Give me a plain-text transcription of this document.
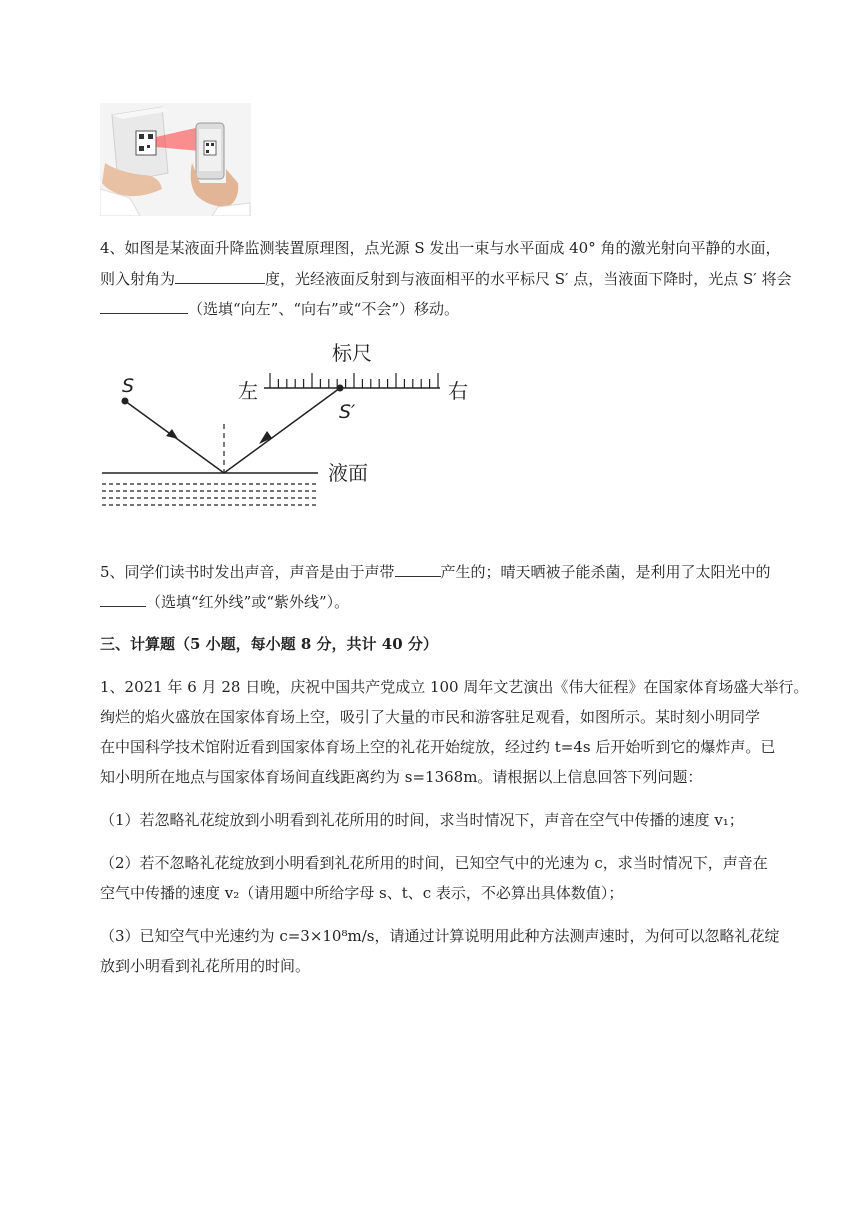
4、如图是某液面升降监测装置原理图，点光源 S 发出一束与水平面成 40° 角的激光射向平静的水面，
则入射角为	度，光经液面反射到与液面相平的水平标尺 S′ 点，当液面下降时，光点 S′ 将会
（选填“向左”、“向右”或“不会”）移动。
标尺
左	右
S
S′
液面
5、同学们读书时发出声音，声音是由于声带	产生的；晴天晒被子能杀菌，是利用了太阳光中的
（选填“红外线”或“紫外线”）。
三、计算题（5 小题，每小题 8 分，共计 40 分）
1、2021 年 6 月 28 日晚，庆祝中国共产党成立 100 周年文艺演出《伟大征程》在国家体育场盛大举行。
绚烂的焰火盛放在国家体育场上空，吸引了大量的市民和游客驻足观看，如图所示。某时刻小明同学
在中国科学技术馆附近看到国家体育场上空的礼花开始绽放，经过约 t=4s 后开始听到它的爆炸声。已
知小明所在地点与国家体育场间直线距离约为 s=1368m。请根据以上信息回答下列问题：
（1）若忽略礼花绽放到小明看到礼花所用的时间，求当时情况下，声音在空气中传播的速度 v₁；
（2）若不忽略礼花绽放到小明看到礼花所用的时间，已知空气中的光速为 c，求当时情况下，声音在
空气中传播的速度 v₂（请用题中所给字母 s、t、c 表示，不必算出具体数值）；
（3）已知空气中光速约为 c=3×10⁸m/s，请通过计算说明用此种方法测声速时，为何可以忽略礼花绽
放到小明看到礼花所用的时间。
